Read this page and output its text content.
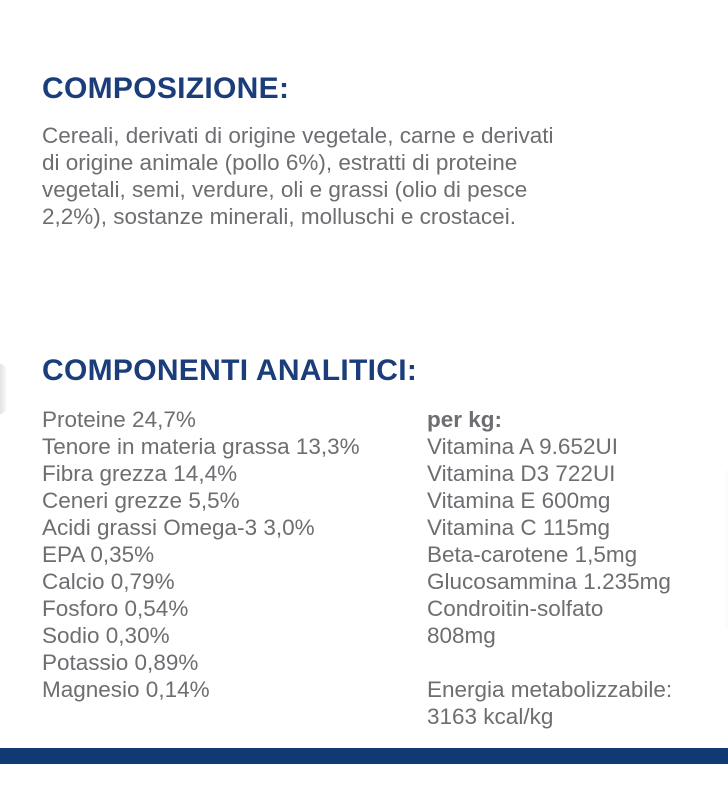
COMPOSIZIONE:
Cereali, derivati di origine vegetale, carne e derivati
di origine animale (pollo 6%), estratti di proteine
vegetali, semi, verdure, oli e grassi (olio di pesce
2,2%), sostanze minerali, molluschi e crostacei.
COMPONENTI ANALITICI:
Proteine 24,7%
Tenore in materia grassa 13,3%
Fibra grezza 14,4%
Ceneri grezze 5,5%
Acidi grassi Omega-3 3,0%
EPA 0,35%
Calcio 0,79%
Fosforo 0,54%
Sodio 0,30%
Potassio 0,89%
Magnesio 0,14%
per kg:
Vitamina A 9.652UI
Vitamina D3 722UI
Vitamina E 600mg
Vitamina C 115mg
Beta-carotene 1,5mg
Glucosammina 1.235mg
Condroitin-solfato
808mg
Energia metabolizzabile:
3163 kcal/kg
